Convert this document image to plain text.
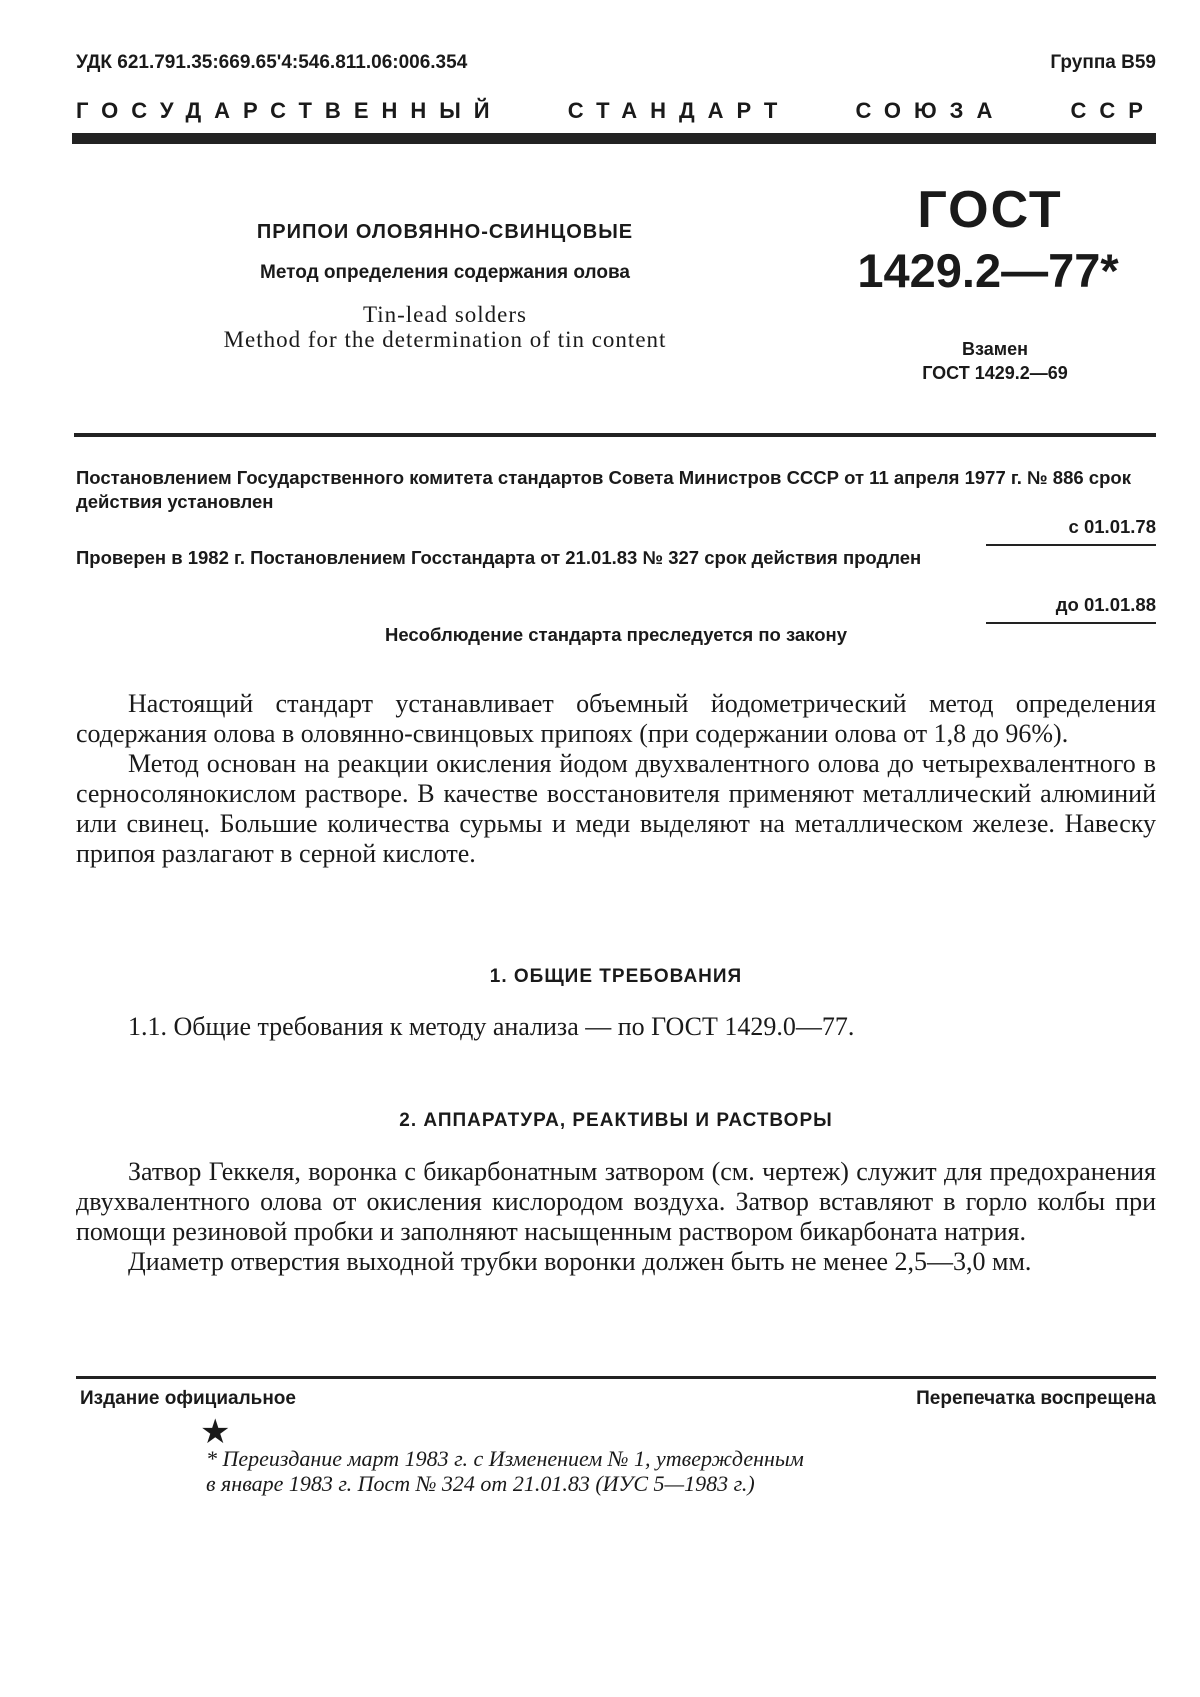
УДК 621.791.35:669.65'4:546.811.06:006.354	Группа В59
ГОСУДАРСТВЕННЫЙ	СТАНДАРТ	СОЮЗА	ССР
ПРИПОИ ОЛОВЯННО-СВИНЦОВЫЕ
Метод определения содержания олова
Tin-lead solders
Method for the determination of tin content
ГОСТ
1429.2—77*
Взамен
ГОСТ 1429.2—69
Постановлением Государственного комитета стандартов Совета Министров СССР от 11 апреля 1977 г. № 886 срок действия установлен
с 01.01.78
Проверен в 1982 г. Постановлением Госстандарта от 21.01.83 № 327 срок действия продлен
до 01.01.88
Несоблюдение стандарта преследуется по закону

Настоящий стандарт устанавливает объемный йодометрический метод определения содержания олова в оловянно-свинцовых припоях (при содержании олова от 1,8 до 96%).

Метод основан на реакции окисления йодом двухвалентного олова до четырехвалентного в серносолянокислом растворе. В качестве восстановителя применяют металлический алюминий или свинец. Большие количества сурьмы и меди выделяют на металлическом железе. Навеску припоя разлагают в серной кислоте.

1. ОБЩИЕ ТРЕБОВАНИЯ

1.1. Общие требования к методу анализа — по ГОСТ 1429.0—77.

2. АППАРАТУРА, РЕАКТИВЫ И РАСТВОРЫ

Затвор Геккеля, воронка с бикарбонатным затвором (см. чертеж) служит для предохранения двухвалентного олова от окисления кислородом воздуха. Затвор вставляют в горло колбы при помощи резиновой пробки и заполняют насыщенным раствором бикарбоната натрия.

Диаметр отверстия выходной трубки воронки должен быть не менее 2,5—3,0 мм.

Издание официальное	Перепечатка воспрещена
★
* Переиздание март 1983 г. с Изменением № 1, утвержденным
в январе 1983 г. Пост № 324 от 21.01.83 (ИУС 5—1983 г.)
